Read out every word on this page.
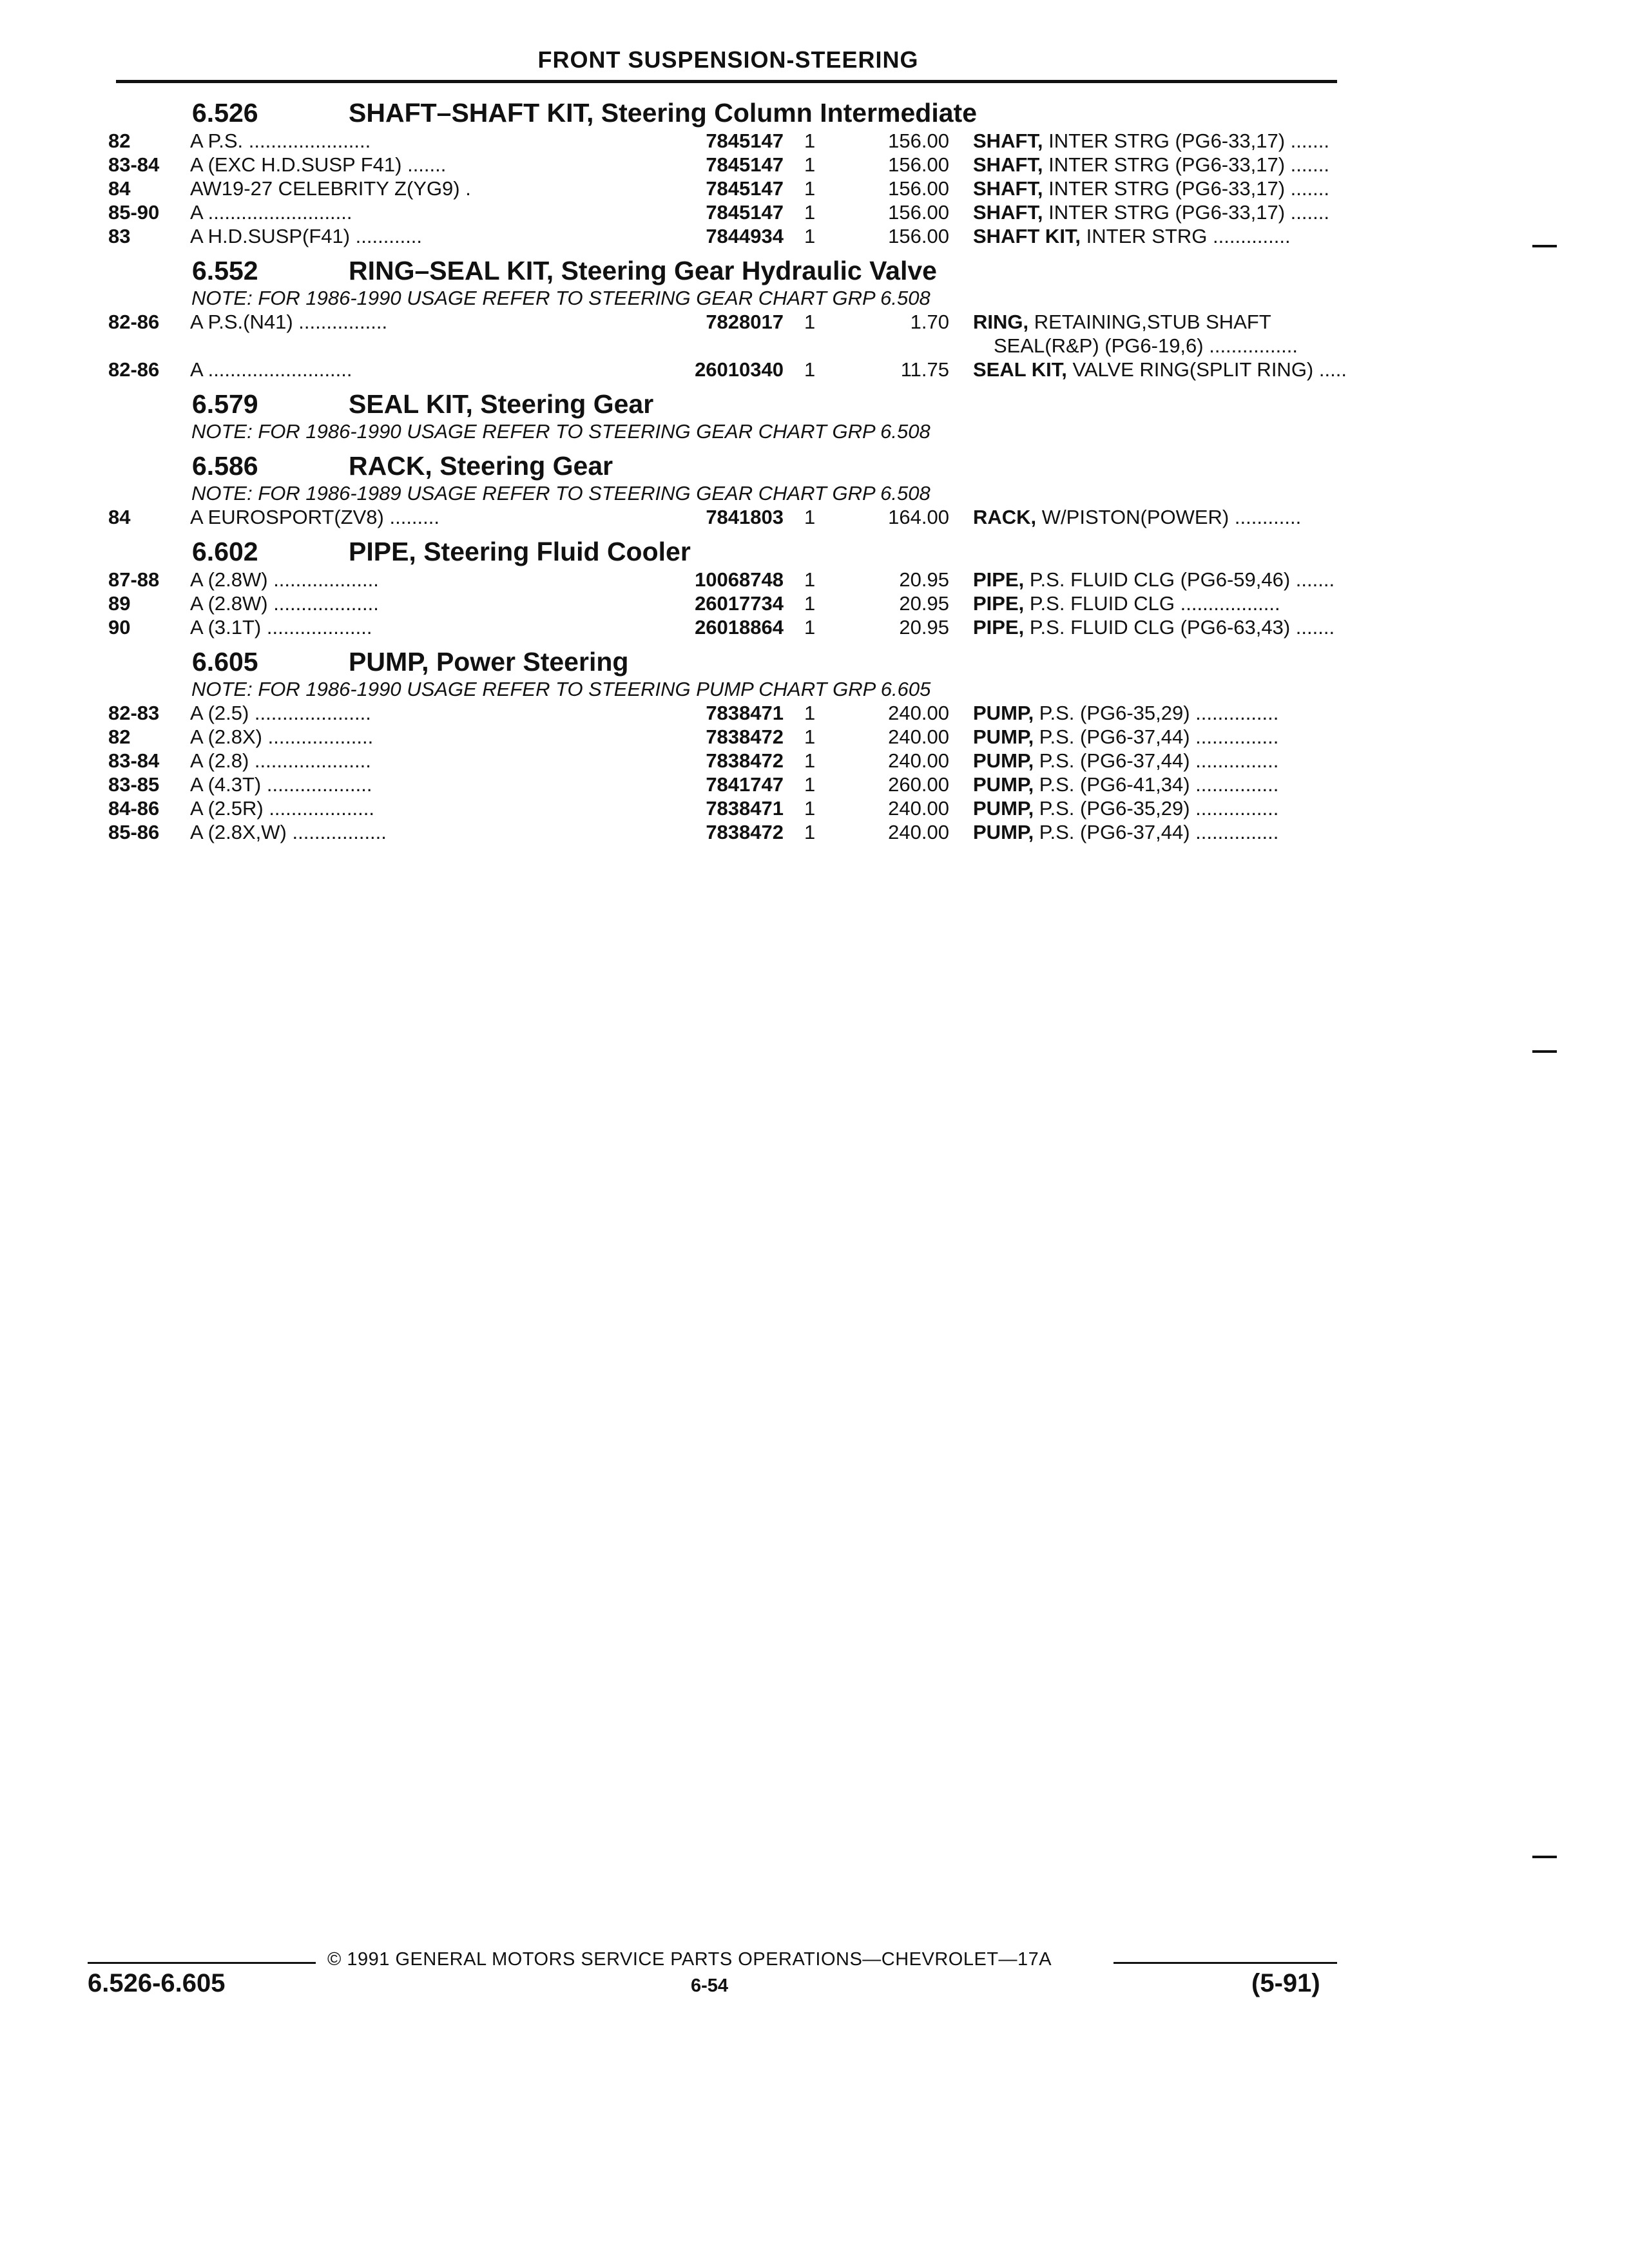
FRONT SUSPENSION-STEERING
6.526	SHAFT–SHAFT KIT, Steering Column Intermediate
82	A P.S. ......................	7845147 1	156.00 SHAFT, INTER STRG (PG6-33,17) .......
83-84 A (EXC H.D.SUSP F41) .......	7845147 1	156.00 SHAFT, INTER STRG (PG6-33,17) .......
84	AW19-27 CELEBRITY Z(YG9) .	7845147 1	156.00 SHAFT, INTER STRG (PG6-33,17) .......
85-90 A ..........................	7845147 1	156.00 SHAFT, INTER STRG (PG6-33,17) .......
83	A H.D.SUSP(F41) ............	7844934 1	156.00 SHAFT KIT, INTER STRG ..............
6.552	RING–SEAL KIT, Steering Gear Hydraulic Valve
NOTE: FOR 1986-1990 USAGE REFER TO STEERING GEAR CHART GRP 6.508
82-86 A P.S.(N41) ................	7828017 1	1.70 RING, RETAINING,STUB SHAFT
SEAL(R&P) (PG6-19,6) ................
82-86 A ..........................	26010340 1	11.75 SEAL KIT, VALVE RING(SPLIT RING) .....
6.579	SEAL KIT, Steering Gear
NOTE: FOR 1986-1990 USAGE REFER TO STEERING GEAR CHART GRP 6.508
6.586	RACK, Steering Gear
NOTE: FOR 1986-1989 USAGE REFER TO STEERING GEAR CHART GRP 6.508
84	A EUROSPORT(ZV8) .........	7841803 1	164.00 RACK, W/PISTON(POWER) ............
6.602	PIPE, Steering Fluid Cooler
87-88 A (2.8W) ...................	10068748 1	20.95 PIPE, P.S. FLUID CLG (PG6-59,46) .......
89	A (2.8W) ...................	26017734 1	20.95 PIPE, P.S. FLUID CLG ..................
90	A (3.1T) ...................	26018864 1	20.95 PIPE, P.S. FLUID CLG (PG6-63,43) .......
6.605	PUMP, Power Steering
NOTE: FOR 1986-1990 USAGE REFER TO STEERING PUMP CHART GRP 6.605
82-83 A (2.5) .....................	7838471 1	240.00 PUMP, P.S. (PG6-35,29) ...............
82	A (2.8X) ...................	7838472 1	240.00 PUMP, P.S. (PG6-37,44) ...............
83-84 A (2.8) .....................	7838472 1	240.00 PUMP, P.S. (PG6-37,44) ...............
83-85 A (4.3T) ...................	7841747 1	260.00 PUMP, P.S. (PG6-41,34) ...............
84-86 A (2.5R) ...................	7838471 1	240.00 PUMP, P.S. (PG6-35,29) ...............
85-86 A (2.8X,W) .................	7838472 1	240.00 PUMP, P.S. (PG6-37,44) ...............
© 1991 GENERAL MOTORS SERVICE PARTS OPERATIONS—CHEVROLET—17A
6.526-6.605	6-54	(5-91)
